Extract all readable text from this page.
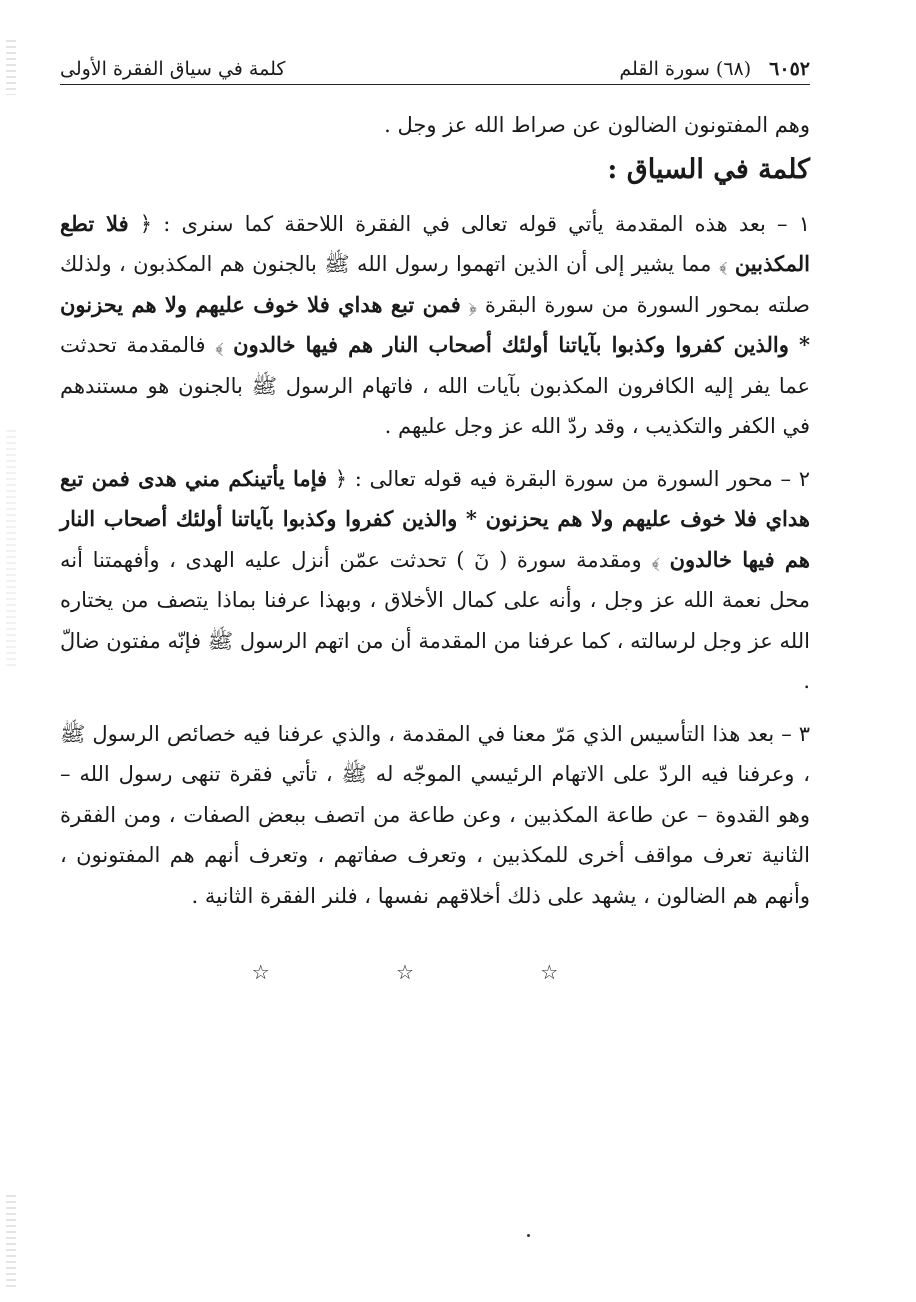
٦٠٥٢
(٦٨) سورة القلم
كلمة في سياق الفقرة الأولى

وهم المفتونون الضالون عن صراط الله عز وجل .

كلمة في السياق :

١ – بعد هذه المقدمة يأتي قوله تعالى في الفقرة اللاحقة كما سنرى : ﴿ فلا تطع المكذبين ﴾ مما يشير إلى أن الذين اتهموا رسول الله ﷺ بالجنون هم المكذبون ، ولذلك صلته بمحور السورة من سورة البقرة ﴿ فمن تبع هداي فلا خوف عليهم ولا هم يحزنون * والذين كفروا وكذبوا بآياتنا أولئك أصحاب النار هم فيها خالدون ﴾ فالمقدمة تحدثت عما يفر إليه الكافرون المكذبون بآيات الله ، فاتهام الرسول ﷺ بالجنون هو مستندهم في الكفر والتكذيب ، وقد ردّ الله عز وجل عليهم .

٢ – محور السورة من سورة البقرة فيه قوله تعالى : ﴿ فإما يأتينكم مني هدى فمن تبع هداي فلا خوف عليهم ولا هم يحزنون * والذين كفروا وكذبوا بآياتنا أولئك أصحاب النار هم فيها خالدون ﴾ ومقدمة سورة ( نٓ ) تحدثت عمّن أنزل عليه الهدى ، وأفهمتنا أنه محل نعمة الله عز وجل ، وأنه على كمال الأخلاق ، وبهذا عرفنا بماذا يتصف من يختاره الله عز وجل لرسالته ، كما عرفنا من المقدمة أن من اتهم الرسول ﷺ فإنّه مفتون ضالّ .

٣ – بعد هذا التأسيس الذي مَرّ معنا في المقدمة ، والذي عرفنا فيه خصائص الرسول ﷺ ، وعرفنا فيه الردّ على الاتهام الرئيسي الموجّه له ﷺ ، تأتي فقرة تنهى رسول الله – وهو القدوة – عن طاعة المكذبين ، وعن طاعة من اتصف ببعض الصفات ، ومن الفقرة الثانية تعرف مواقف أخرى للمكذبين ، وتعرف صفاتهم ، وتعرف أنهم هم المفتونون ، وأنهم هم الضالون ، يشهد على ذلك أخلاقهم نفسها ، فلنر الفقرة الثانية .

☆	☆	☆
